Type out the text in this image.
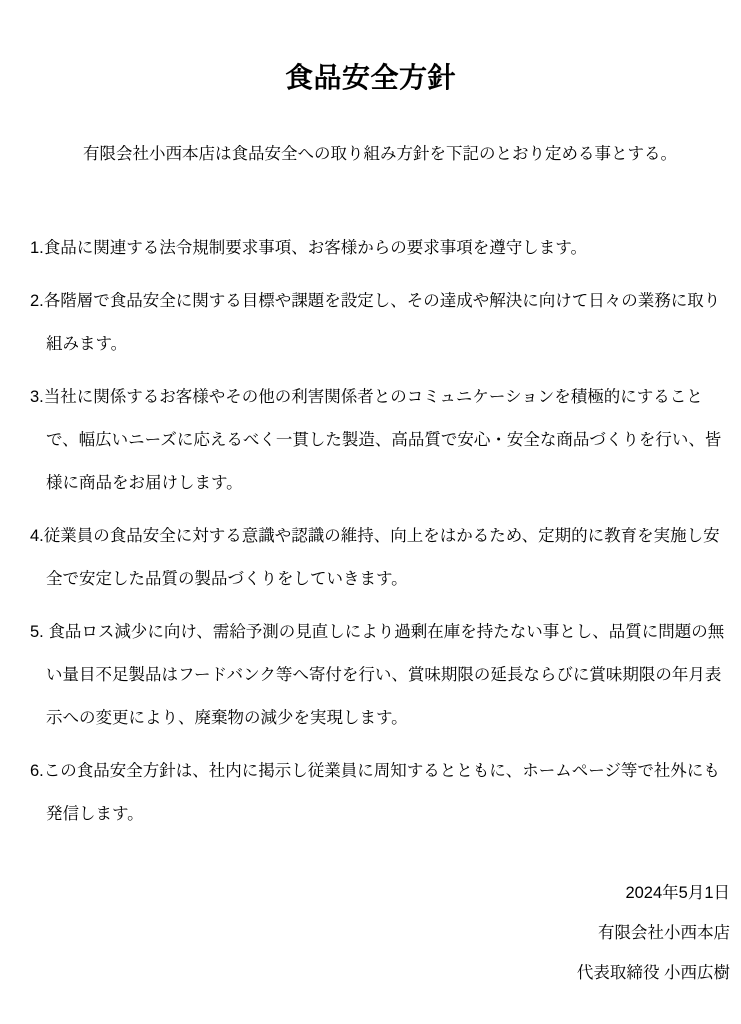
食品安全方針

有限会社小西本店は食品安全への取り組み方針を下記のとおり定める事とする。

1.食品に関連する法令規制要求事項、お客様からの要求事項を遵守します。

2.各階層で食品安全に関する目標や課題を設定し、その達成や解決に向けて日々の業務に取り組みます。

3.当社に関係するお客様やその他の利害関係者とのコミュニケーションを積極的にすることで、幅広いニーズに応えるべく一貫した製造、高品質で安心・安全な商品づくりを行い、皆様に商品をお届けします。

4.従業員の食品安全に対する意識や認識の維持、向上をはかるため、定期的に教育を実施し安全で安定した品質の製品づくりをしていきます。

5. 食品ロス減少に向け、需給予測の見直しにより過剰在庫を持たない事とし、品質に問題の無い量目不足製品はフードバンク等へ寄付を行い、賞味期限の延長ならびに賞味期限の年月表示への変更により、廃棄物の減少を実現します。

6.この食品安全方針は、社内に掲示し従業員に周知するとともに、ホームページ等で社外にも発信します。

2024年5月1日
有限会社小西本店
代表取締役 小西広樹
